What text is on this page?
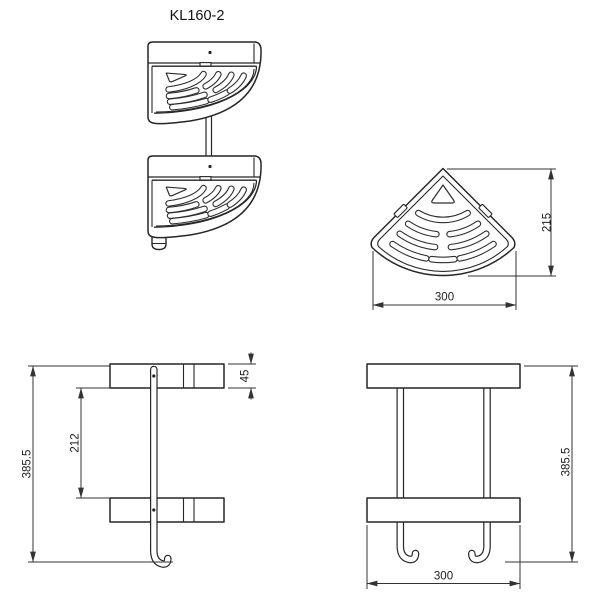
KL160-2
215
300
385.5
212
45
385.5
300
